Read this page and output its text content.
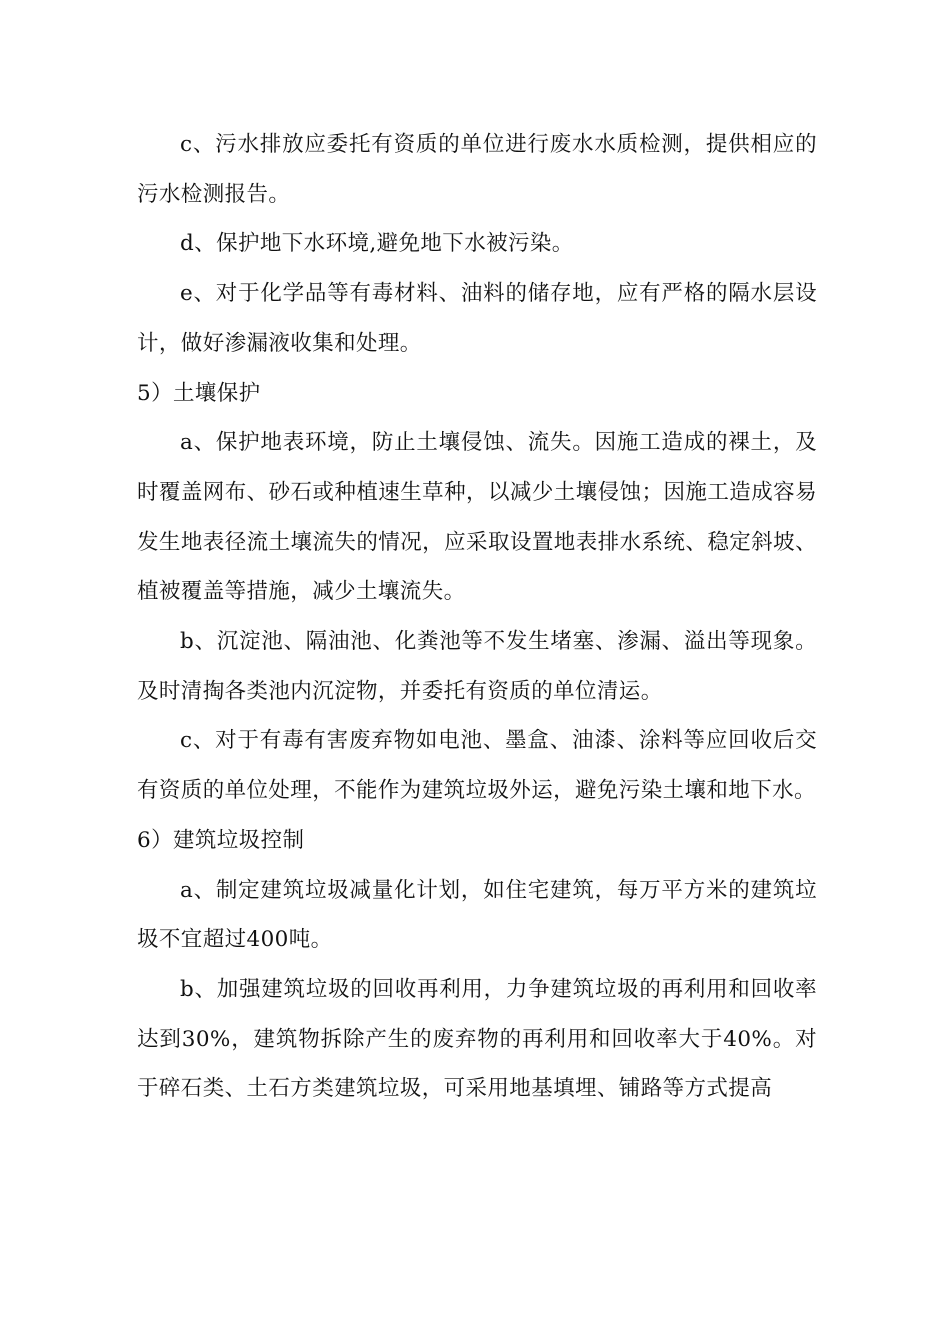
c、污水排放应委托有资质的单位进行废水水质检测，提供相应的污水检测报告。

d、保护地下水环境,避免地下水被污染。

e、对于化学品等有毒材料、油料的储存地，应有严格的隔水层设计，做好渗漏液收集和处理。

5）土壤保护

a、保护地表环境，防止土壤侵蚀、流失。因施工造成的裸土，及时覆盖网布、砂石或种植速生草种，以减少土壤侵蚀；因施工造成容易发生地表径流土壤流失的情况，应采取设置地表排水系统、稳定斜坡、植被覆盖等措施，减少土壤流失。

b、沉淀池、隔油池、化粪池等不发生堵塞、渗漏、溢出等现象。及时清掏各类池内沉淀物，并委托有资质的单位清运。

c、对于有毒有害废弃物如电池、墨盒、油漆、涂料等应回收后交有资质的单位处理，不能作为建筑垃圾外运，避免污染土壤和地下水。

6）建筑垃圾控制

a、制定建筑垃圾减量化计划，如住宅建筑，每万平方米的建筑垃圾不宜超过400吨。

b、加强建筑垃圾的回收再利用，力争建筑垃圾的再利用和回收率达到30%，建筑物拆除产生的废弃物的再利用和回收率大于40%。对于碎石类、土石方类建筑垃圾，可采用地基填埋、铺路等方式提高
